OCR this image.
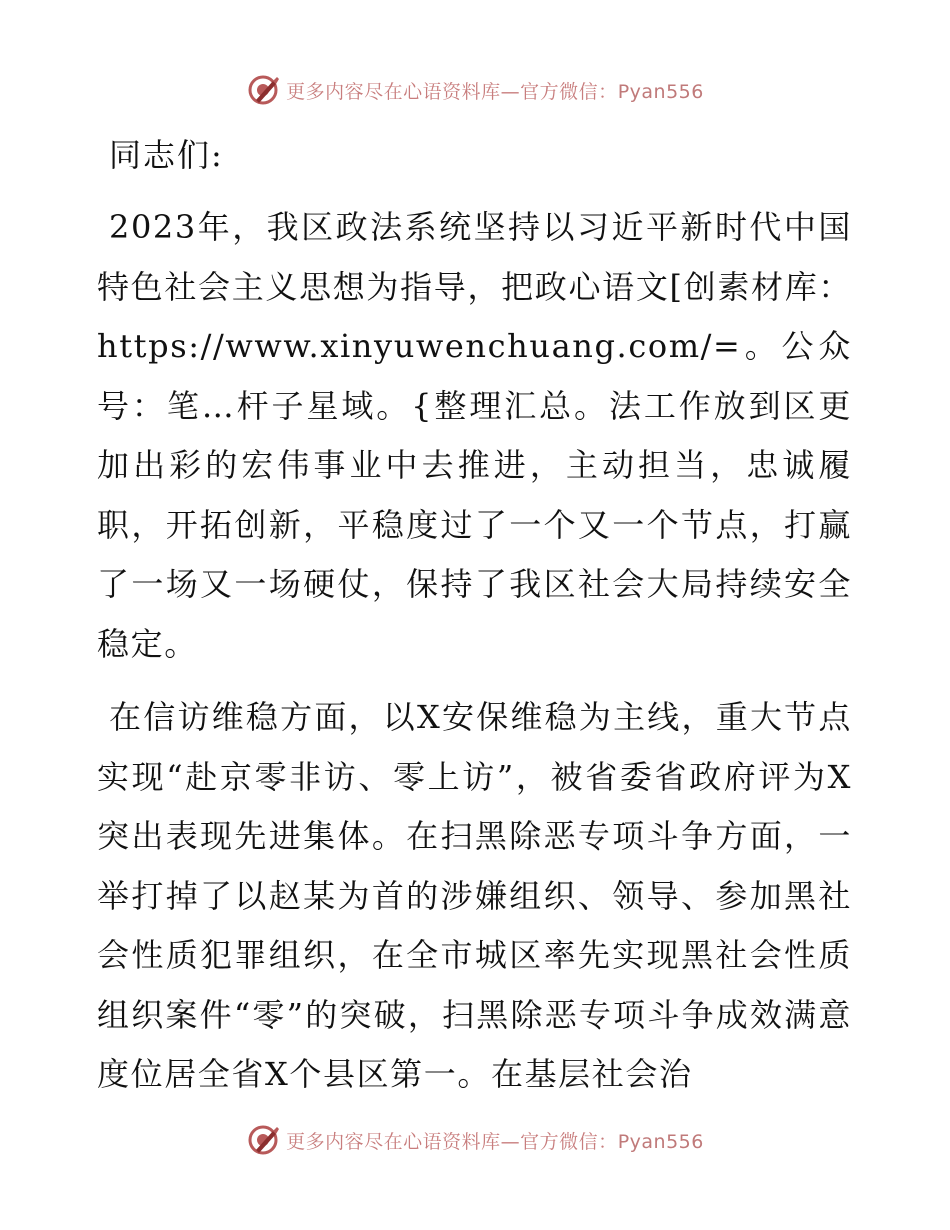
更多内容尽在心语资料库—官方微信：Pyan556
同志们:

2023年，我区政法系统坚持以习近平新时代中国特色社会主义思想为指导，把政心语文[创素材库：https://www.xinyuwenchuang.com/=。公众号：笔…杆子星域。{整理汇总。法工作放到区更加出彩的宏伟事业中去推进，主动担当，忠诚履职，开拓创新，平稳度过了一个又一个节点，打赢了一场又一场硬仗，保持了我区社会大局持续安全稳定。

在信访维稳方面，以X安保维稳为主线，重大节点实现“赴京零非访、零上访”，被省委省政府评为X突出表现先进集体。在扫黑除恶专项斗争方面，一举打掉了以赵某为首的涉嫌组织、领导、参加黑社会性质犯罪组织，在全市城区率先实现黑社会性质组织案件“零”的突破，扫黑除恶专项斗争成效满意度位居全省X个县区第一。在基层社会治

更多内容尽在心语资料库—官方微信：Pyan556
